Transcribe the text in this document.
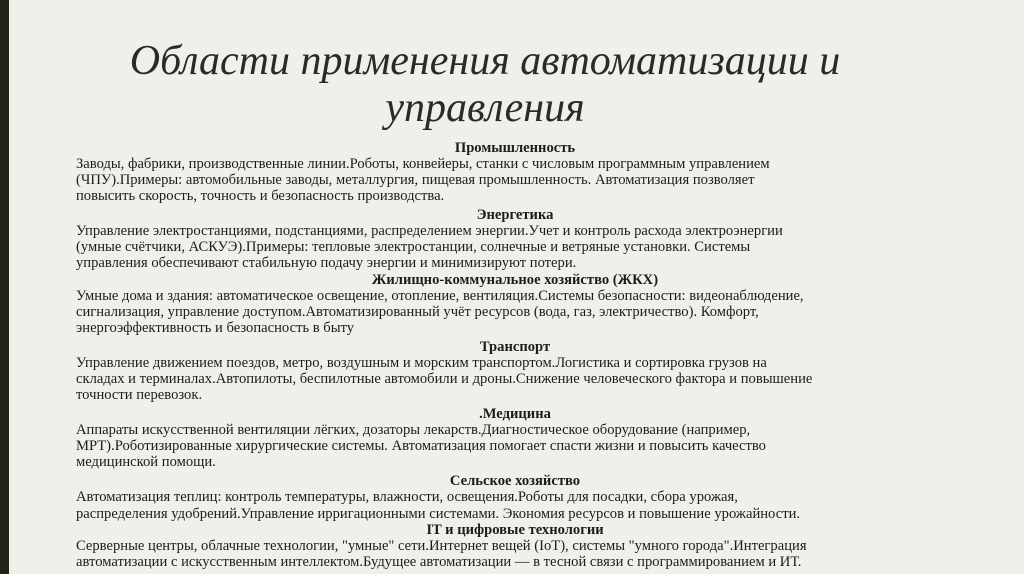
Области применения автоматизации и
управления
Промышленность
Заводы, фабрики, производственные линии.Роботы, конвейеры, станки с числовым программным управлением
(ЧПУ).Примеры: автомобильные заводы, металлургия, пищевая промышленность. Автоматизация позволяет
повысить скорость, точность и безопасность производства.
Энергетика
Управление электростанциями, подстанциями, распределением энергии.Учет и контроль расхода электроэнергии
(умные счётчики, АСКУЭ).Примеры: тепловые электростанции, солнечные и ветряные установки. Системы
управления обеспечивают стабильную подачу энергии и минимизируют потери.
Жилищно-коммунальное хозяйство (ЖКХ)
Умные дома и здания: автоматическое освещение, отопление, вентиляция.Системы безопасности: видеонаблюдение,
сигнализация, управление доступом.Автоматизированный учёт ресурсов (вода, газ, электричество). Комфорт,
энергоэффективность и безопасность в быту
Транспорт
Управление движением поездов, метро, воздушным и морским транспортом.Логистика и сортировка грузов на
складах и терминалах.Автопилоты, беспилотные автомобили и дроны.Снижение человеческого фактора и повышение
точности перевозок.
.Медицина
Аппараты искусственной вентиляции лёгких, дозаторы лекарств.Диагностическое оборудование (например,
МРТ).Роботизированные хирургические системы. Автоматизация помогает спасти жизни и повысить качество
медицинской помощи.
Сельское хозяйство
Автоматизация теплиц: контроль температуры, влажности, освещения.Роботы для посадки, сбора урожая,
распределения удобрений.Управление ирригационными системами. Экономия ресурсов и повышение урожайности.
IT и цифровые технологии
Серверные центры, облачные технологии, "умные" сети.Интернет вещей (IoT), системы "умного города".Интеграция
автоматизации с искусственным интеллектом.Будущее автоматизации — в тесной связи с программированием и ИТ.
